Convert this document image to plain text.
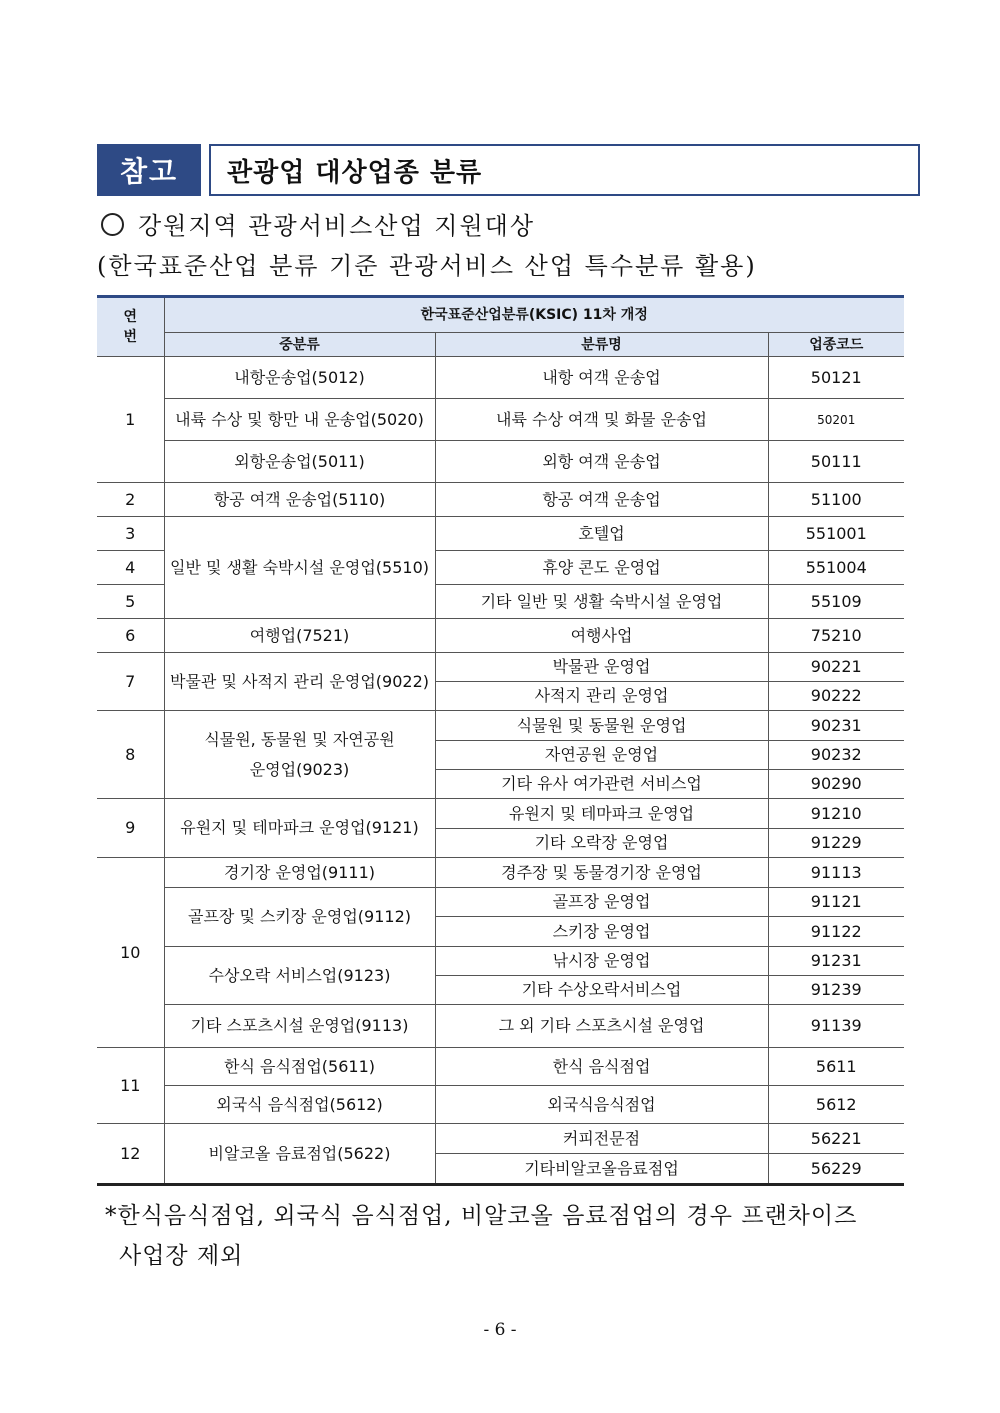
참고	관광업 대상업종 분류
강원지역 관광서비스산업 지원대상
(한국표준산업 분류 기준 관광서비스 산업 특수분류 활용)
연
번	한국표준산업분류(KSIC) 11차 개정		
	중분류	분류명	업종코드
1	내항운송업(5012)	내항 여객 운송업	50121
	내륙 수상 및 항만 내 운송업(5020)	내륙 수상 여객 및 화물 운송업	50201
	외항운송업(5011)	외항 여객 운송업	50111
2	항공 여객 운송업(5110)	항공 여객 운송업	51100
3	일반 및 생활 숙박시설 운영업(5510)	호텔업	551001
4		휴양 콘도 운영업	551004
5		기타 일반 및 생활 숙박시설 운영업	55109
6	여행업(7521)	여행사업	75210
7	박물관 및 사적지 관리 운영업(9022)	박물관 운영업	90221
		사적지 관리 운영업	90222
8	식물원, 동물원 및 자연공원 운영업(9023)	식물원 및 동물원 운영업	90231
		자연공원 운영업	90232
		기타 유사 여가관련 서비스업	90290
9	유원지 및 테마파크 운영업(9121)	유원지 및 테마파크 운영업	91210
		기타 오락장 운영업	91229
10	경기장 운영업(9111)	경주장 및 동물경기장 운영업	91113
	골프장 및 스키장 운영업(9112)	골프장 운영업	91121
		스키장 운영업	91122
	수상오락 서비스업(9123)	낚시장 운영업	91231
		기타 수상오락서비스업	91239
	기타 스포츠시설 운영업(9113)	그 외 기타 스포츠시설 운영업	91139
11	한식 음식점업(5611)	한식 음식점업	5611
	외국식 음식점업(5612)	외국식음식점업	5612
12	비알코올 음료점업(5622)	커피전문점	56221
		기타비알코올음료점업	56229
*한식음식점업, 외국식 음식점업, 비알코올 음료점업의 경우 프랜차이즈
사업장 제외
- 6 -
